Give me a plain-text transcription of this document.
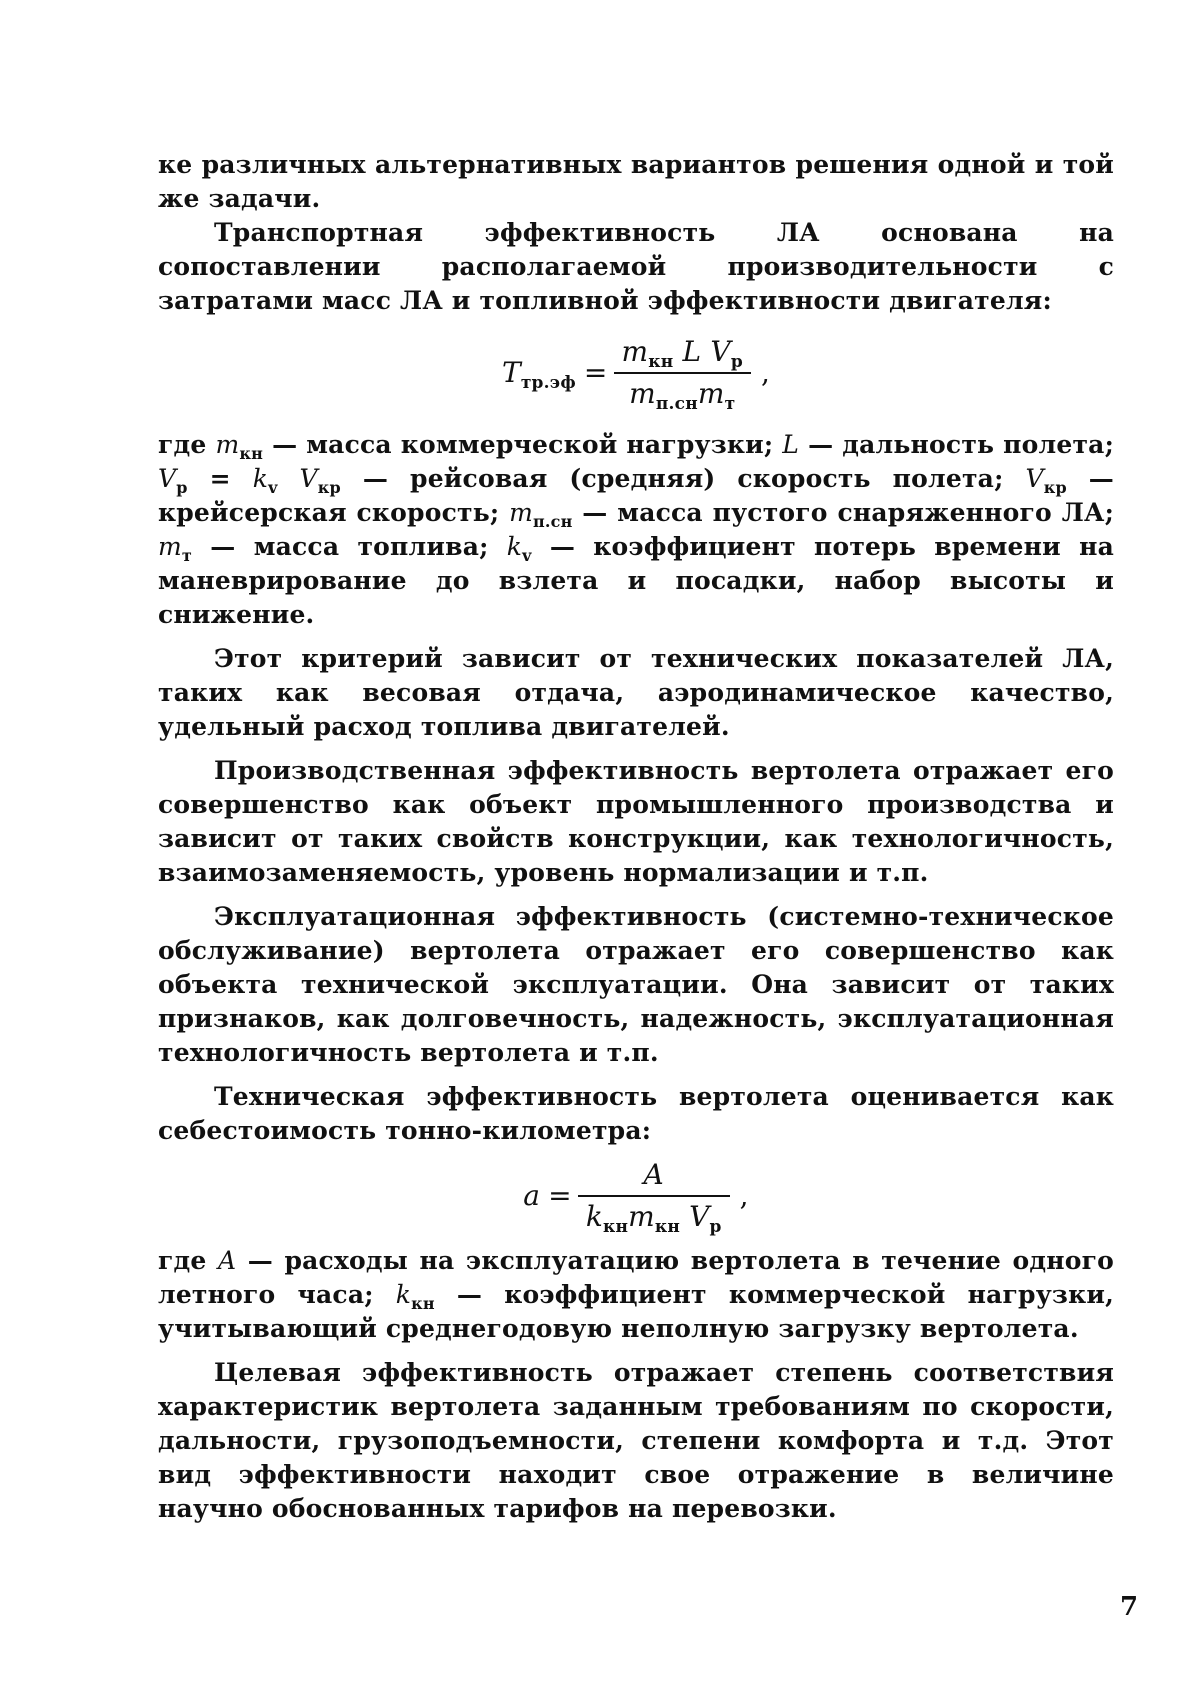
ке различных альтернативных вариантов решения одной и той же задачи.

Транспортная эффективность ЛА основана на сопоставлении располагаемой производительности с затратами масс ЛА и топливной эффективности двигателя:

$T_{тр.эф} = \frac{m_{кн} L V_р}{m_{п.сн}m_т}$ ,

где $m_{кн}$ — масса коммерческой нагрузки; L — дальность полета; $V_р = k_v$ $V_{кр}$ — рейсовая (средняя) скорость полета; $V_{кр}$ — крейсерская скорость; $m_{п.сн}$ — масса пустого снаряженного ЛА; $m_т$ — масса топлива; $k_v$ — коэффициент потерь времени на маневрирование до взлета и посадки, набор высоты и снижение.

Этот критерий зависит от технических показателей ЛА, таких как весовая отдача, аэродинамическое качество, удельный расход топлива двигателей.

Производственная эффективность вертолета отражает его совершенство как объект промышленного производства и зависит от таких свойств конструкции, как технологичность, взаимозаменяемость, уровень нормализации и т.п.

Эксплуатационная эффективность (системно-техническое обслуживание) вертолета отражает его совершенство как объекта технической эксплуатации. Она зависит от таких признаков, как долговечность, надежность, эксплуатационная технологичность вертолета и т.п.

Техническая эффективность вертолета оценивается как себестоимость тонно-километра:

$a = \frac{A}{k_{кн}m_{кн} V_р}$ ,

где A — расходы на эксплуатацию вертолета в течение одного летного часа; $k_{кн}$ — коэффициент коммерческой нагрузки, учитывающий среднегодовую неполную загрузку вертолета.

Целевая эффективность отражает степень соответствия характеристик вертолета заданным требованиям по скорости, дальности, грузоподъемности, степени комфорта и т.д. Этот вид эффективности находит свое отражение в величине научно обоснованных тарифов на перевозки.

7
